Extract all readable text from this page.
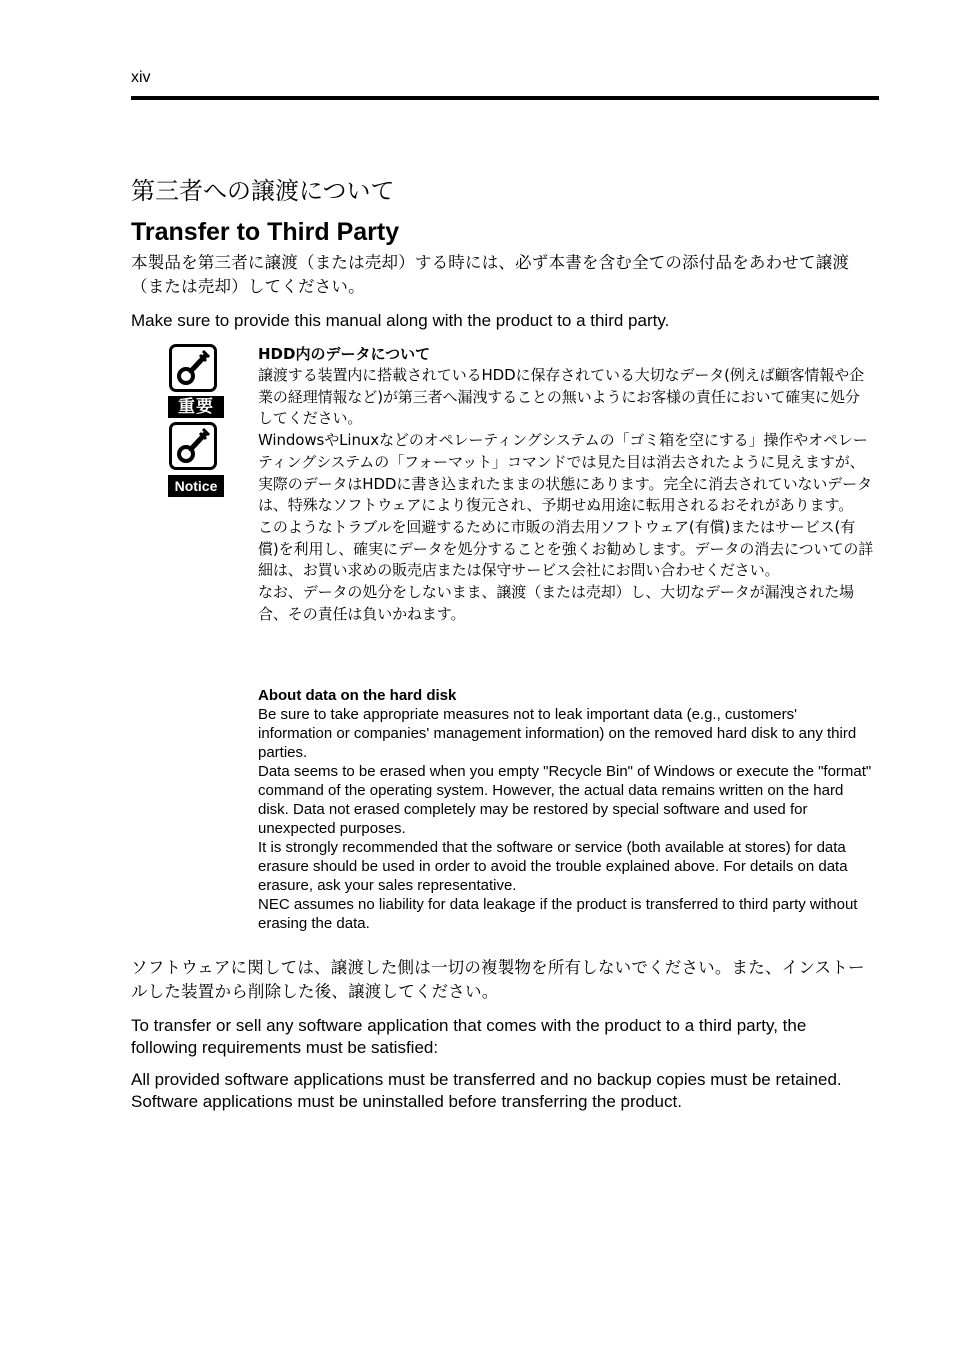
xiv
第三者への譲渡について
Transfer to Third Party

本製品を第三者に譲渡（または売却）する時には、必ず本書を含む全ての添付品をあわせて譲渡（または売却）してください。

Make sure to provide this manual along with the product to a third party.

重要
Notice

HDD内のデータについて

譲渡する装置内に搭載されているHDDに保存されている大切なデータ(例えば顧客情報や企業の経理情報など)が第三者へ漏洩することの無いようにお客様の責任において確実に処分してください。

WindowsやLinuxなどのオペレーティングシステムの「ゴミ箱を空にする」操作やオペレーティングシステムの「フォーマット」コマンドでは見た目は消去されたように見えますが、実際のデータはHDDに書き込まれたままの状態にあります。完全に消去されていないデータは、特殊なソフトウェアにより復元され、予期せぬ用途に転用されるおそれがあります。

このようなトラブルを回避するために市販の消去用ソフトウェア(有償)またはサービス(有償)を利用し、確実にデータを処分することを強くお勧めします。データの消去についての詳細は、お買い求めの販売店または保守サービス会社にお問い合わせください。

なお、データの処分をしないまま、譲渡（または売却）し、大切なデータが漏洩された場合、その責任は負いかねます。

About data on the hard disk

Be sure to take appropriate measures not to leak important data (e.g., customers' information or companies' management information) on the removed hard disk to any third parties.

Data seems to be erased when you empty "Recycle Bin" of Windows or execute the "format" command of the operating system. However, the actual data remains written on the hard disk. Data not erased completely may be restored by special software and used for unexpected purposes.

It is strongly recommended that the software or service (both available at stores) for data erasure should be used in order to avoid the trouble explained above. For details on data erasure, ask your sales representative.

NEC assumes no liability for data leakage if the product is transferred to third party without erasing the data.

ソフトウェアに関しては、譲渡した側は一切の複製物を所有しないでください。また、インストールした装置から削除した後、譲渡してください。

To transfer or sell any software application that comes with the product to a third party, the following requirements must be satisfied:

All provided software applications must be transferred and no backup copies must be retained.
Software applications must be uninstalled before transferring the product.
